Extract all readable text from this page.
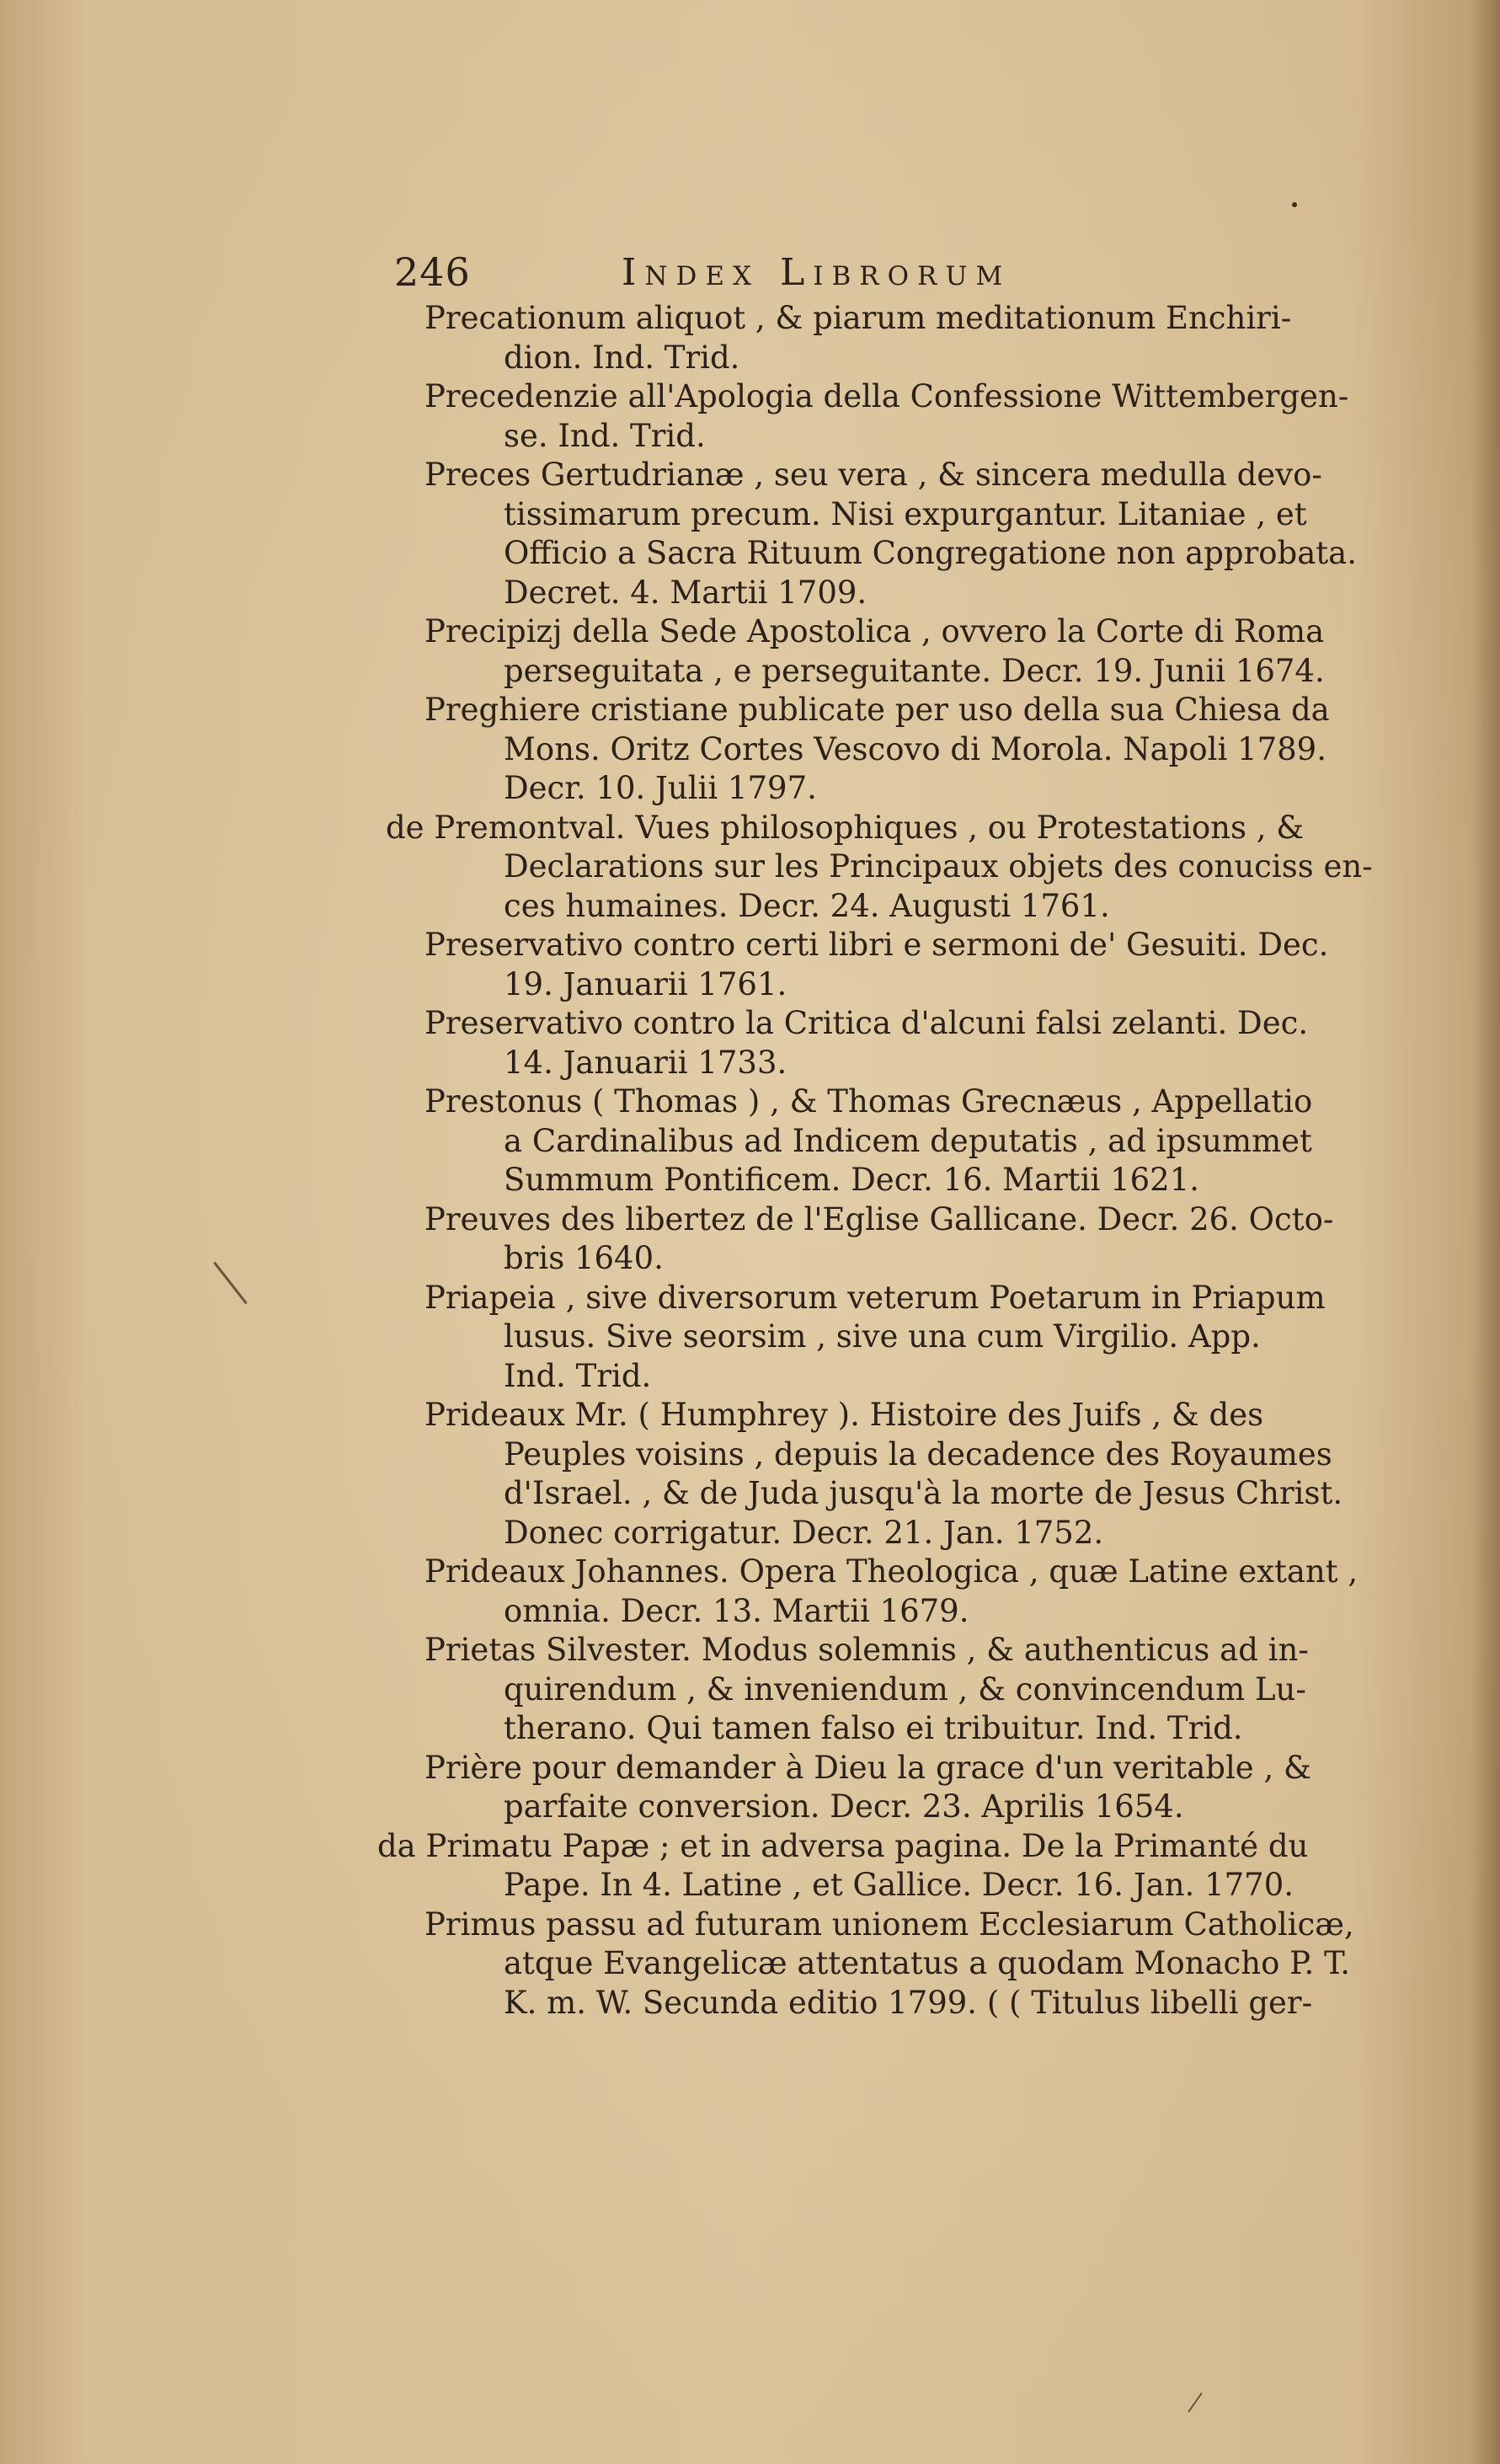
246	Index Librorum
Precationum aliquot , & piarum meditationum Enchiri-
dion. Ind. Trid.
Precedenzie all'Apologia della Confessione Wittembergen-
se. Ind. Trid.
Preces Gertudrianæ , seu vera , & sincera medulla devo-
tissimarum precum. Nisi expurgantur. Litaniae , et
Officio a Sacra Rituum Congregatione non approbata.
Decret. 4. Martii 1709.
Precipizj della Sede Apostolica , ovvero la Corte di Roma
perseguitata , e perseguitante. Decr. 19. Junii 1674.
Preghiere cristiane publicate per uso della sua Chiesa da
Mons. Oritz Cortes Vescovo di Morola. Napoli 1789.
Decr. 10. Julii 1797.
de Premontval. Vues philosophiques , ou Protestations , &
Declarations sur les Principaux objets des conuciss en-
ces humaines. Decr. 24. Augusti 1761.
Preservativo contro certi libri e sermoni de' Gesuiti. Dec.
19. Januarii 1761.
Preservativo contro la Critica d'alcuni falsi zelanti. Dec.
14. Januarii 1733.
Prestonus ( Thomas ) , & Thomas Grecnæus , Appellatio
a Cardinalibus ad Indicem deputatis , ad ipsummet
Summum Pontificem. Decr. 16. Martii 1621.
Preuves des libertez de l'Eglise Gallicane. Decr. 26. Octo-
bris 1640.
Priapeia , sive diversorum veterum Poetarum in Priapum
lusus. Sive seorsim , sive una cum Virgilio. App.
Ind. Trid.
Prideaux Mr. ( Humphrey ). Histoire des Juifs , & des
Peuples voisins , depuis la decadence des Royaumes
d'Israel. , & de Juda jusqu'à la morte de Jesus Christ.
Donec corrigatur. Decr. 21. Jan. 1752.
Prideaux Johannes. Opera Theologica , quæ Latine extant ,
omnia. Decr. 13. Martii 1679.
Prietas Silvester. Modus solemnis , & authenticus ad in-
quirendum , & inveniendum , & convincendum Lu-
therano. Qui tamen falso ei tribuitur. Ind. Trid.
Prière pour demander à Dieu la grace d'un veritable , &
parfaite conversion. Decr. 23. Aprilis 1654.
da Primatu Papæ ; et in adversa pagina. De la Primanté du
Pape. In 4. Latine , et Gallice. Decr. 16. Jan. 1770.
Primus passu ad futuram unionem Ecclesiarum Catholicæ,
atque Evangelicæ attentatus a quodam Monacho P. T.
K. m. W. Secunda editio 1799. ( ( Titulus libelli ger-
